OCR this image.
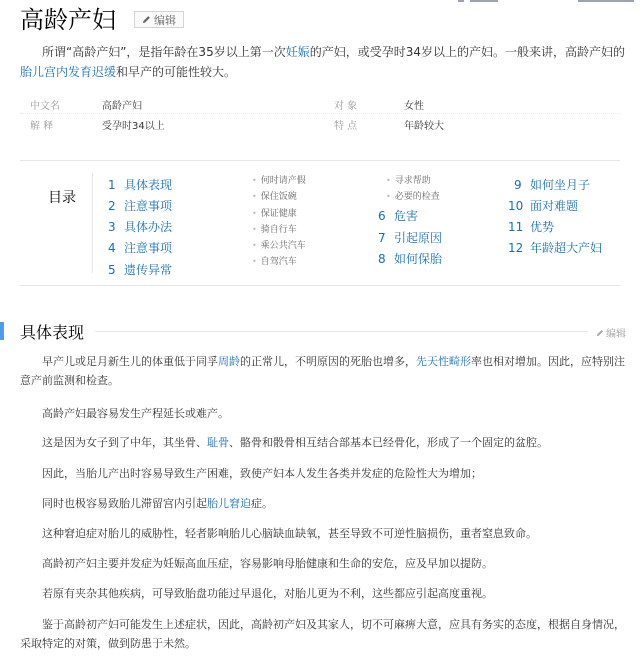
高龄产妇	编辑
所谓“高龄产妇”，是指年龄在35岁以上第一次妊娠的产妇，或受孕时34岁以上的产妇。一般来讲，高龄产妇的胎儿宫内发育迟缓和早产的可能性较大。
中文名	高龄产妇	对 象	女性
解 释	受孕时34以上	特 点	年龄较大
目录
1 具体表现
2 注意事项
3 具体办法
4 注意事项
5 遗传异常
• 何时请产假
• 保住饭碗
• 保证健康
• 骑自行车
• 乘公共汽车
• 自驾汽车
• 寻求帮助
• 必要的检查
6 危害
7 引起原因
8 如何保胎
9 如何坐月子
10 面对难题
11 优势
12 年龄超大产妇
具体表现	编辑
早产儿或足月新生儿的体重低于同孚周龄的正常儿，不明原因的死胎也增多，先天性畸形率也相对增加。因此，应特别注意产前监测和检查。
高龄产妇最容易发生产程延长或难产。
这是因为女子到了中年，其坐骨、耻骨、骼骨和骰骨相互结合部基本已经骨化，形成了一个固定的盆腔。
因此，当胎儿产出时容易导致生产困难，致使产妇本人发生各类并发症的危险性大为增加；
同时也极容易致胎儿滞留宫内引起胎儿窘迫症。
这种窘迫症对胎儿的威胁性，轻者影响胎儿心脑缺血缺氧，甚至导致不可逆性脑损伤，重者窒息致命。
高龄初产妇主要并发症为妊娠高血压症，容易影响母胎健康和生命的安危，应及早加以提防。
若原有夹杂其他疾病，可导致胎盘功能过早退化，对胎儿更为不利，这些都应引起高度重视。
鉴于高龄初产妇可能发生上述症状，因此，高龄初产妇及其家人，切不可麻痹大意，应具有务实的态度，根据自身情况，采取特定的对策，做到防患于未然。
